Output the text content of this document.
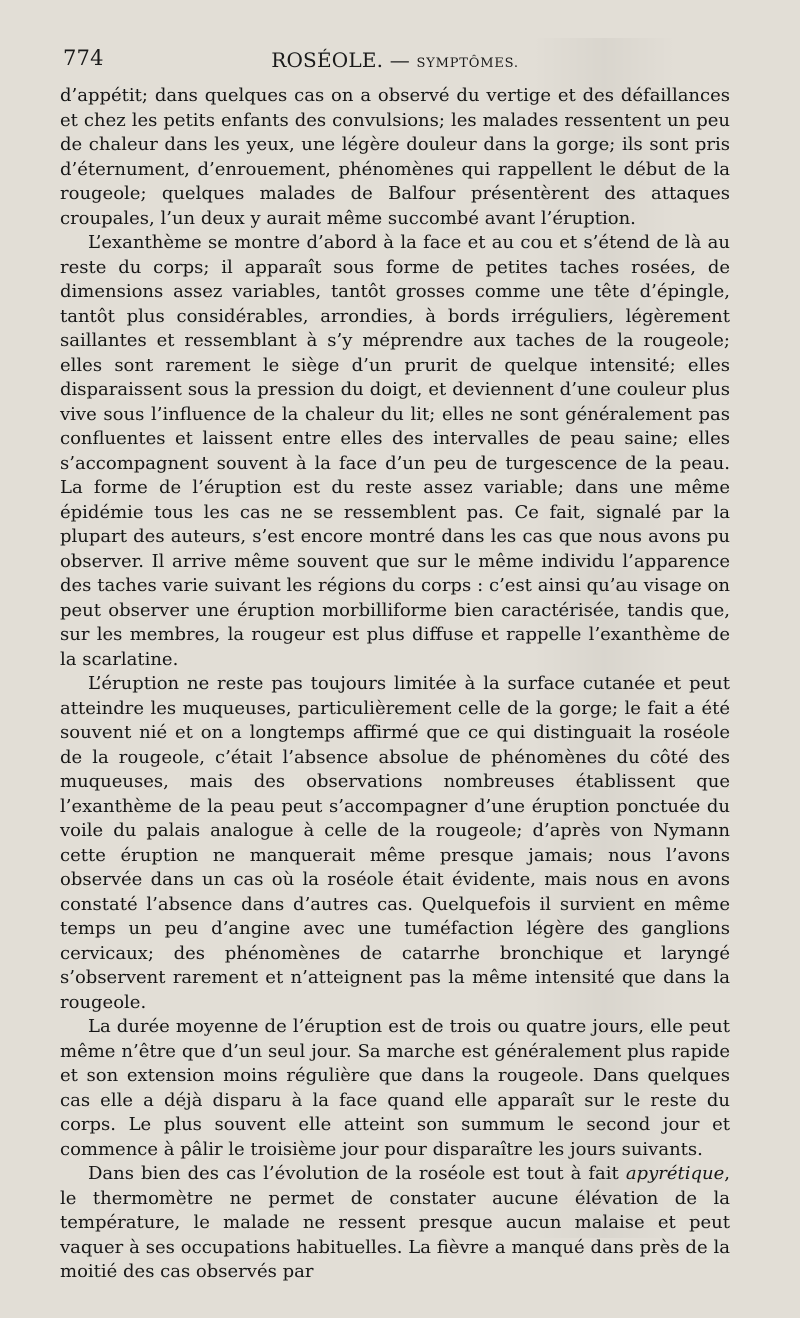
774	ROSÉOLE. — SYMPTÔMES.

d’appétit; dans quelques cas on a observé du vertige et des défaillances et chez les petits enfants des convulsions; les malades ressentent un peu de chaleur dans les yeux, une légère douleur dans la gorge; ils sont pris d’éternument, d’enrouement, phénomènes qui rappellent le début de la rougeole; quelques malades de Balfour présentèrent des attaques croupales, l’un deux y aurait même succombé avant l’éruption.

L’exanthème se montre d’abord à la face et au cou et s’étend de là au reste du corps; il apparaît sous forme de petites taches rosées, de dimensions assez variables, tantôt grosses comme une tête d’épingle, tantôt plus considérables, arrondies, à bords irréguliers, légèrement saillantes et ressemblant à s’y méprendre aux taches de la rougeole; elles sont rarement le siège d’un prurit de quelque intensité; elles disparaissent sous la pression du doigt, et deviennent d’une couleur plus vive sous l’influence de la chaleur du lit; elles ne sont généralement pas confluentes et laissent entre elles des intervalles de peau saine; elles s’accompagnent souvent à la face d’un peu de turgescence de la peau. La forme de l’éruption est du reste assez variable; dans une même épidémie tous les cas ne se ressemblent pas. Ce fait, signalé par la plupart des auteurs, s’est encore montré dans les cas que nous avons pu observer. Il arrive même souvent que sur le même individu l’apparence des taches varie suivant les régions du corps : c’est ainsi qu’au visage on peut observer une éruption morbilliforme bien caractérisée, tandis que, sur les membres, la rougeur est plus diffuse et rappelle l’exanthème de la scarlatine.

L’éruption ne reste pas toujours limitée à la surface cutanée et peut atteindre les muqueuses, particulièrement celle de la gorge; le fait a été souvent nié et on a longtemps affirmé que ce qui distinguait la roséole de la rougeole, c’était l’absence absolue de phénomènes du côté des muqueuses, mais des observations nombreuses établissent que l’exanthème de la peau peut s’accompagner d’une éruption ponctuée du voile du palais analogue à celle de la rougeole; d’après von Nymann cette éruption ne manquerait même presque jamais; nous l’avons observée dans un cas où la roséole était évidente, mais nous en avons constaté l’absence dans d’autres cas. Quelquefois il survient en même temps un peu d’angine avec une tuméfaction légère des ganglions cervicaux; des phénomènes de catarrhe bronchique et laryngé s’observent rarement et n’atteignent pas la même intensité que dans la rougeole.

La durée moyenne de l’éruption est de trois ou quatre jours, elle peut même n’être que d’un seul jour. Sa marche est généralement plus rapide et son extension moins régulière que dans la rougeole. Dans quelques cas elle a déjà disparu à la face quand elle apparaît sur le reste du corps. Le plus souvent elle atteint son summum le second jour et commence à pâlir le troisième jour pour disparaître les jours suivants.

Dans bien des cas l’évolution de la roséole est tout à fait apyrétique, le thermomètre ne permet de constater aucune élévation de la température, le malade ne ressent presque aucun malaise et peut vaquer à ses occupations habituelles. La fièvre a manqué dans près de la moitié des cas observés par
